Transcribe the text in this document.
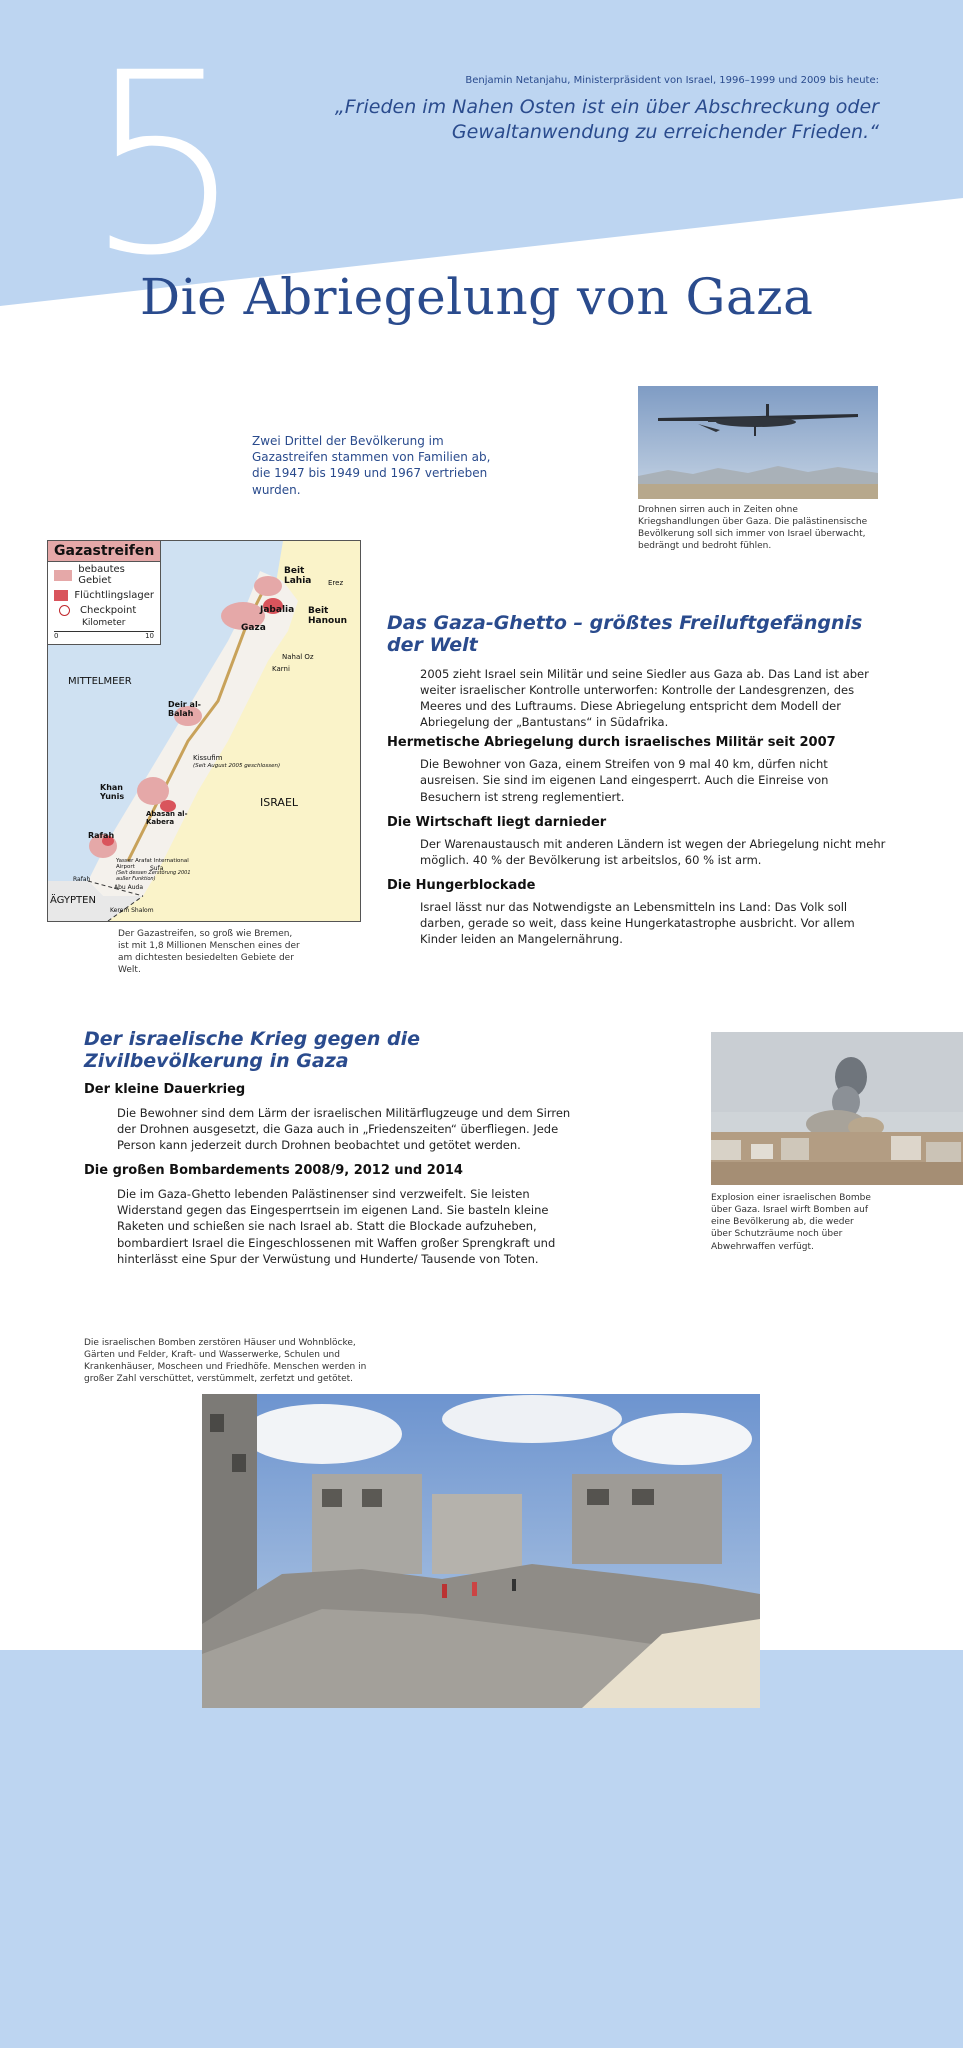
5	Benjamin Netanjahu, Ministerpräsident von Israel, 1996–1999 und 2009 bis heute:
„Frieden im Nahen Osten ist ein über Abschreckung oder Gewaltanwendung zu erreichender Frieden.“
Die Abriegelung von Gaza
Zwei Drittel der Bevölkerung im Gazastreifen stammen von Familien ab, die 1947 bis 1949 und 1967 vertrieben wurden.
Drohnen sirren auch in Zeiten ohne Kriegshandlungen über Gaza. Die palästinensische Bevölkerung soll sich immer von Israel überwacht, bedrängt und bedroht fühlen.
Gazastreifen
bebautes Gebiet
Flüchtlingslager
Checkpoint
Kilometer
0	10
MITTELMEER
ISRAEL
ÄGYPTEN
Beit Lahia	Erez
Jabalia Beit Hanoun
Gaza
Nahal Oz
Karni
Deir al-Balah
Kissufim
(Seit August 2005 geschlossen)
Khan Yunis
Abasan al-Kabera
Rafah
Yasser Arafat International Airport
(Seit dessen Zerstörung 2001 außer Funktion)
Sufa
Abu Auda
Rafah
Kerem Shalom
Der Gazastreifen, so groß wie Bremen, ist mit 1,8 Millionen Menschen eines der am dichtesten besiedelten Gebiete der Welt.
Das Gaza-Ghetto – größtes Freiluftgefängnis der Welt

2005 zieht Israel sein Militär und seine Siedler aus Gaza ab. Das Land ist aber weiter israelischer Kontrolle unterworfen: Kontrolle der Landesgrenzen, des Meeres und des Luftraums. Diese Abriegelung entspricht dem Modell der Abriegelung der „Bantustans“ in Südafrika.

Hermetische Abriegelung durch israelisches Militär seit 2007

Die Bewohner von Gaza, einem Streifen von 9 mal 40 km, dürfen nicht ausreisen. Sie sind im eigenen Land eingesperrt. Auch die Einreise von Besuchern ist streng reglementiert.

Die Wirtschaft liegt darnieder

Der Warenaustausch mit anderen Ländern ist wegen der Abriegelung nicht mehr möglich. 40 % der Bevölkerung ist arbeitslos, 60 % ist arm.

Die Hungerblockade

Israel lässt nur das Notwendigste an Lebensmitteln ins Land: Das Volk soll darben, gerade so weit, dass keine Hungerkatastrophe ausbricht. Vor allem Kinder leiden an Mangelernährung.

Der israelische Krieg gegen die Zivilbevölkerung in Gaza
Der kleine Dauerkrieg

Die Bewohner sind dem Lärm der israelischen Militärflugzeuge und dem Sirren der Drohnen ausgesetzt, die Gaza auch in „Friedenszeiten“ überfliegen. Jede Person kann jederzeit durch Drohnen beobachtet und getötet werden.

Die großen Bombardements 2008/9, 2012 und 2014

Die im Gaza-Ghetto lebenden Palästinenser sind verzweifelt. Sie leisten Widerstand gegen das Eingesperrtsein im eigenen Land. Sie basteln kleine Raketen und schießen sie nach Israel ab. Statt die Blockade aufzuheben, bombardiert Israel die Eingeschlossenen mit Waffen großer Sprengkraft und hinterlässt eine Spur der Verwüstung und Hunderte/ Tausende von Toten.

Explosion einer israelischen Bombe über Gaza. Israel wirft Bomben auf eine Bevölkerung ab, die weder über Schutzräume noch über Abwehrwaffen verfügt.
Die israelischen Bomben zerstören Häuser und Wohnblöcke, Gärten und Felder, Kraft- und Wasserwerke, Schulen und Krankenhäuser, Moscheen und Friedhöfe. Menschen werden in großer Zahl verschüttet, verstümmelt, zerfetzt und getötet.
